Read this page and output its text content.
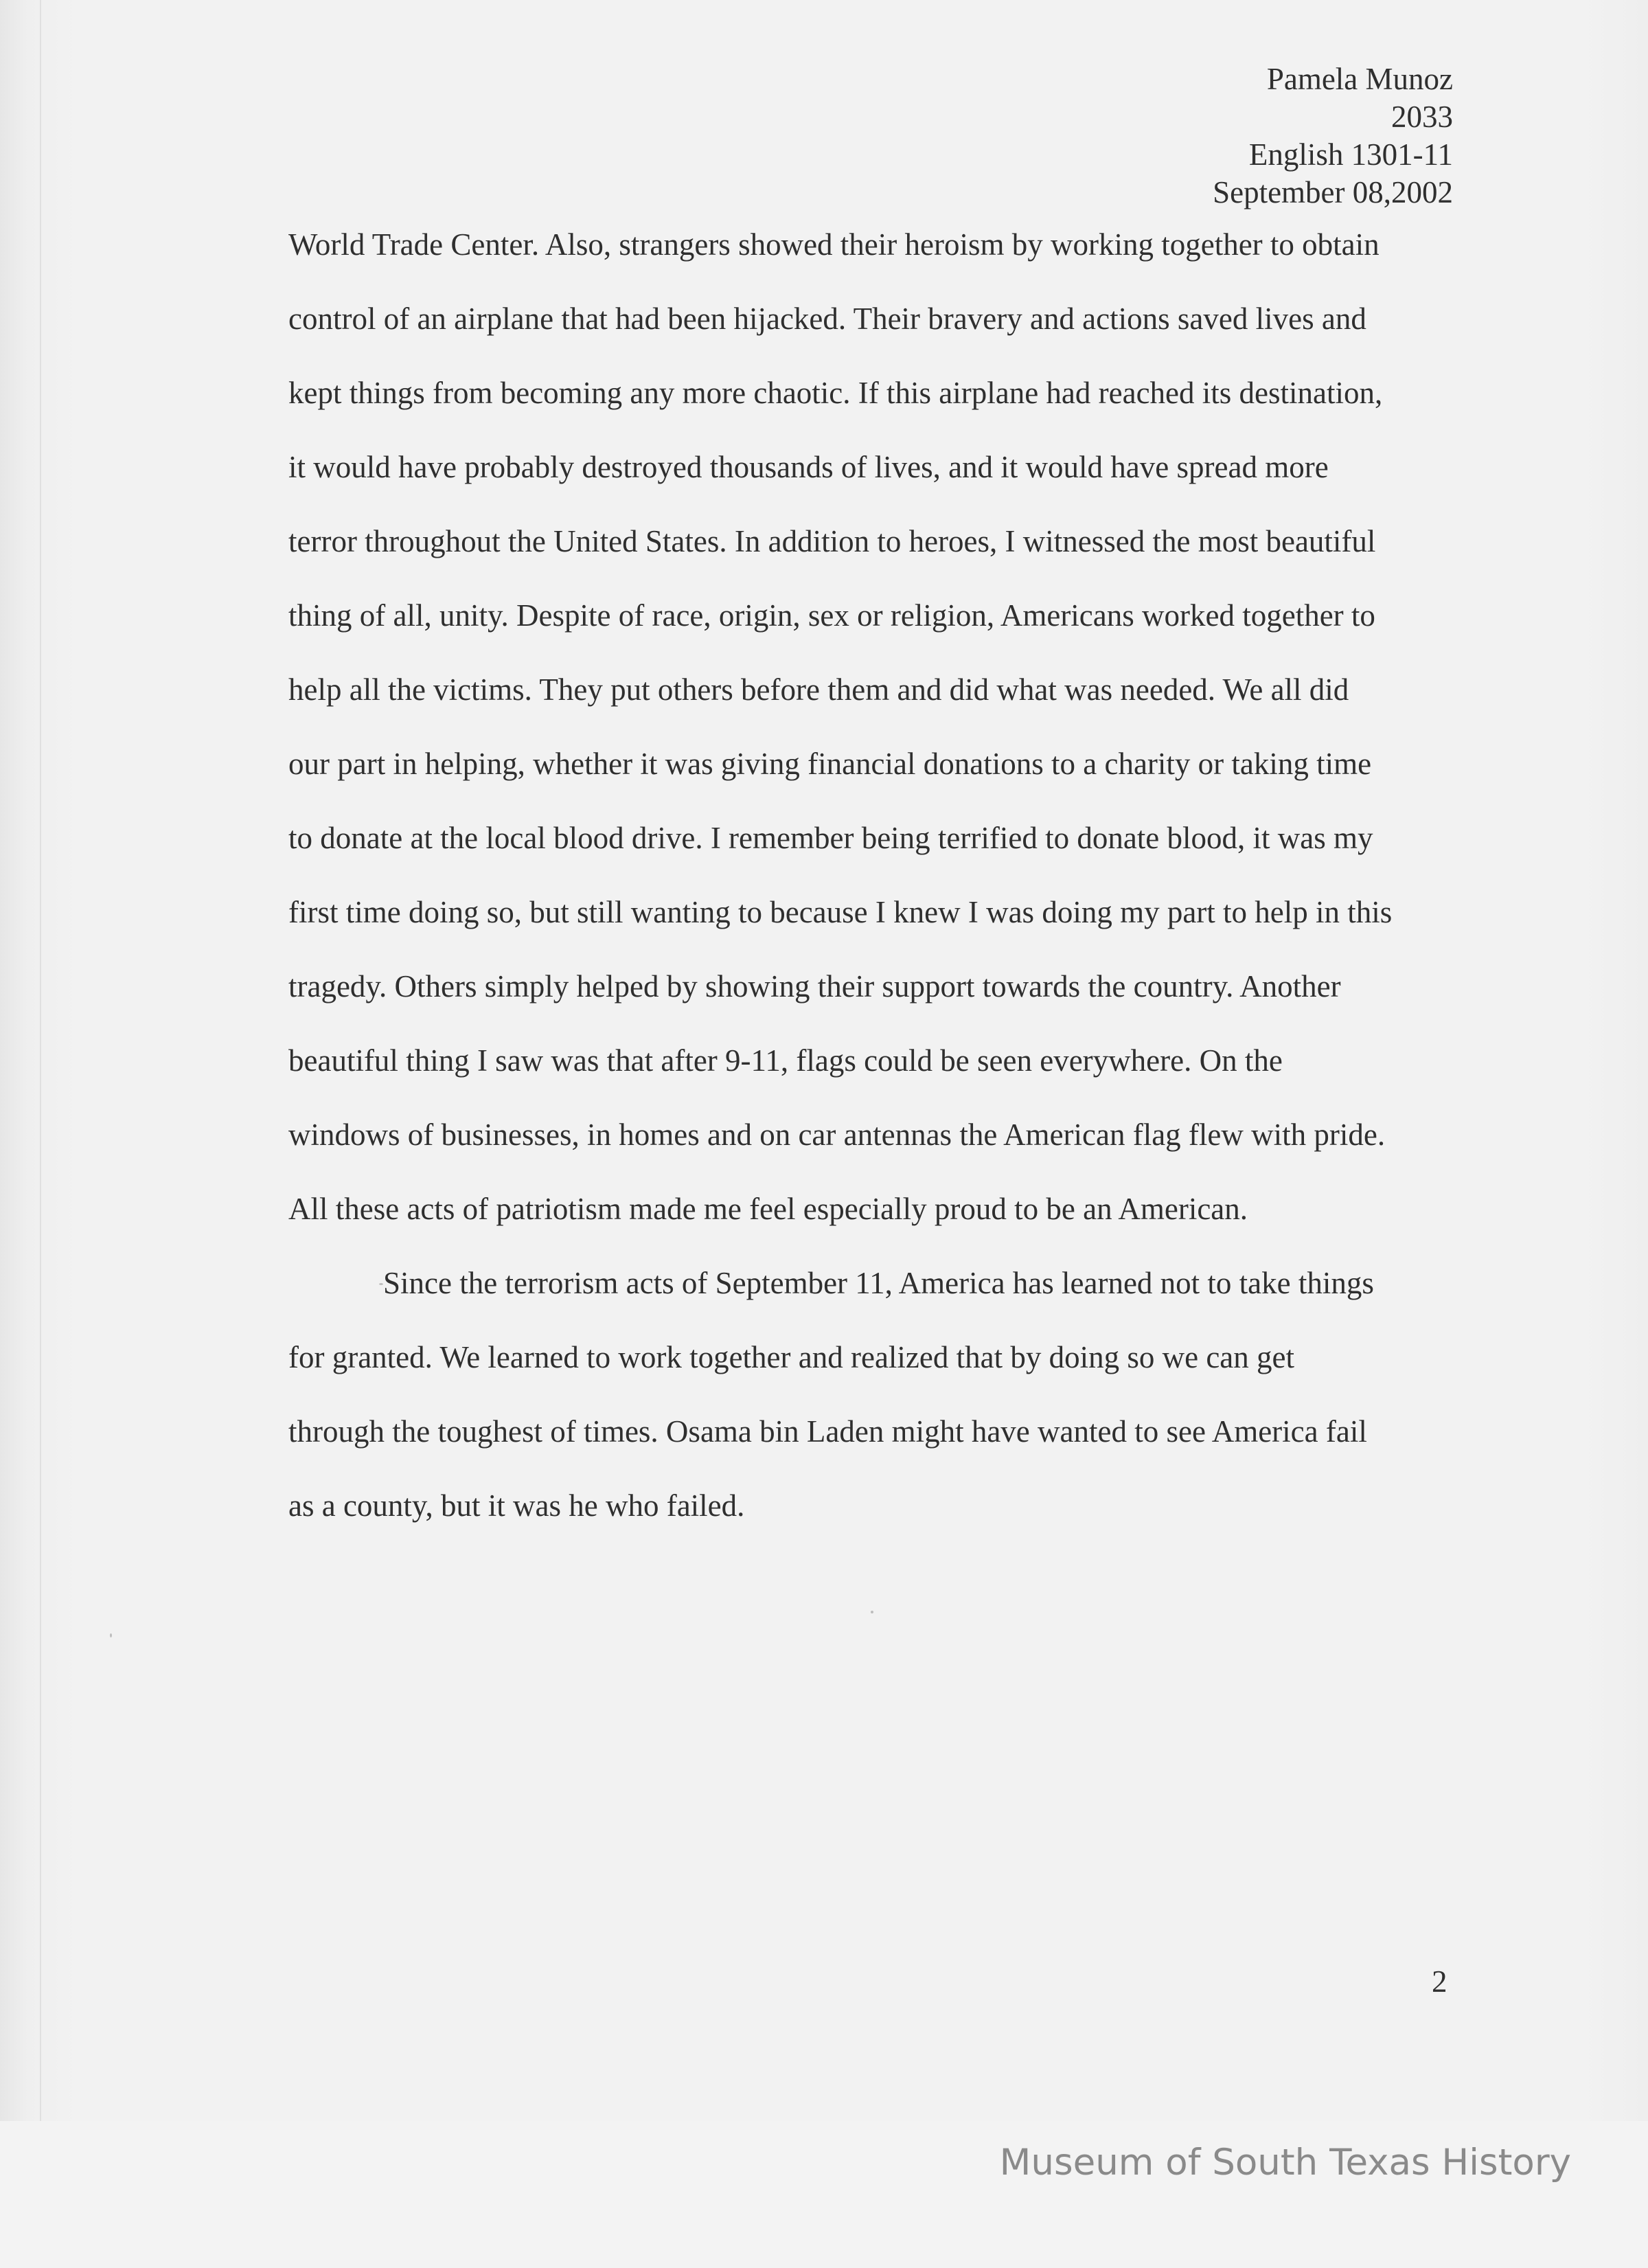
Pamela Munoz
2033
English 1301-11
September 08,2002
World Trade Center. Also, strangers showed their heroism by working together to obtain
control of an airplane that had been hijacked. Their bravery and actions saved lives and
kept things from becoming any more chaotic. If this airplane had reached its destination,
it would have probably destroyed thousands of lives, and it would have spread more
terror throughout the United States. In addition to heroes, I witnessed the most beautiful
thing of all, unity. Despite of race, origin, sex or religion, Americans worked together to
help all the victims. They put others before them and did what was needed. We all did
our part in helping, whether it was giving financial donations to a charity or taking time
to donate at the local blood drive. I remember being terrified to donate blood, it was my
first time doing so, but still wanting to because I knew I was doing my part to help in this
tragedy. Others simply helped by showing their support towards the country. Another
beautiful thing I saw was that after 9-11, flags could be seen everywhere. On the
windows of businesses, in homes and on car antennas the American flag flew with pride.
All these acts of patriotism made me feel especially proud to be an American.
Since the terrorism acts of September 11, America has learned not to take things
for granted. We learned to work together and realized that by doing so we can get
through the toughest of times. Osama bin Laden might have wanted to see America fail
as a county, but it was he who failed.
2
Museum of South Texas History
